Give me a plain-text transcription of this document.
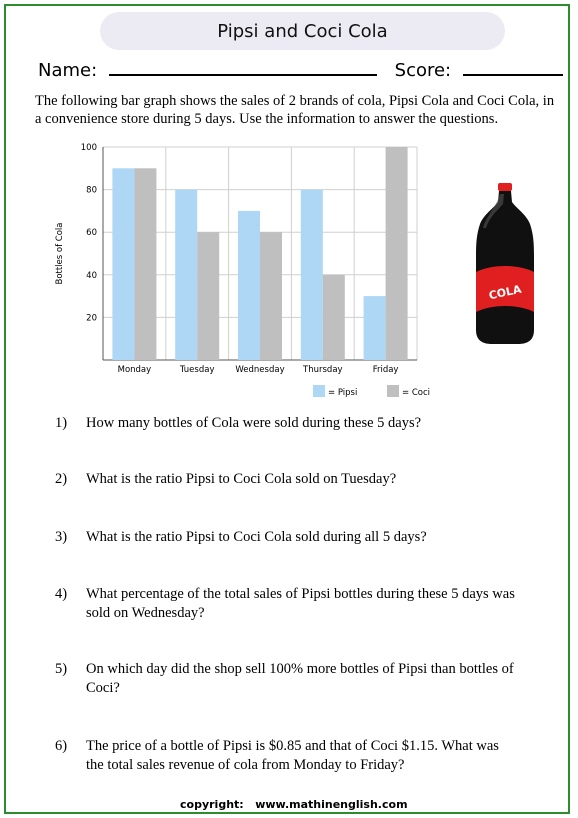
Pipsi and Coci Cola
Name:	Score:
The following bar graph shows the sales of 2 brands of cola, Pipsi Cola and Coci Cola, in a convenience store during 5 days. Use the information to answer the questions.
20
40
60
80
100
Monday	Tuesday Wednesday Thursday	Friday
Bottles of Cola
= Pipsi	= Coci
COLA
1)	How many bottles of Cola were sold during these 5 days?
2)	What is the ratio Pipsi to Coci Cola sold on Tuesday?
3)	What is the ratio Pipsi to Coci Cola sold during all 5 days?
4)	What percentage of the total sales of Pipsi bottles during these 5 days was sold on Wednesday?
5)	On which day did the shop sell 100% more bottles of Pipsi than bottles of Coci?
6)	The price of a bottle of Pipsi is $0.85 and that of Coci $1.15. What was the total sales revenue of cola from Monday to Friday?
copyright: www.mathinenglish.com
